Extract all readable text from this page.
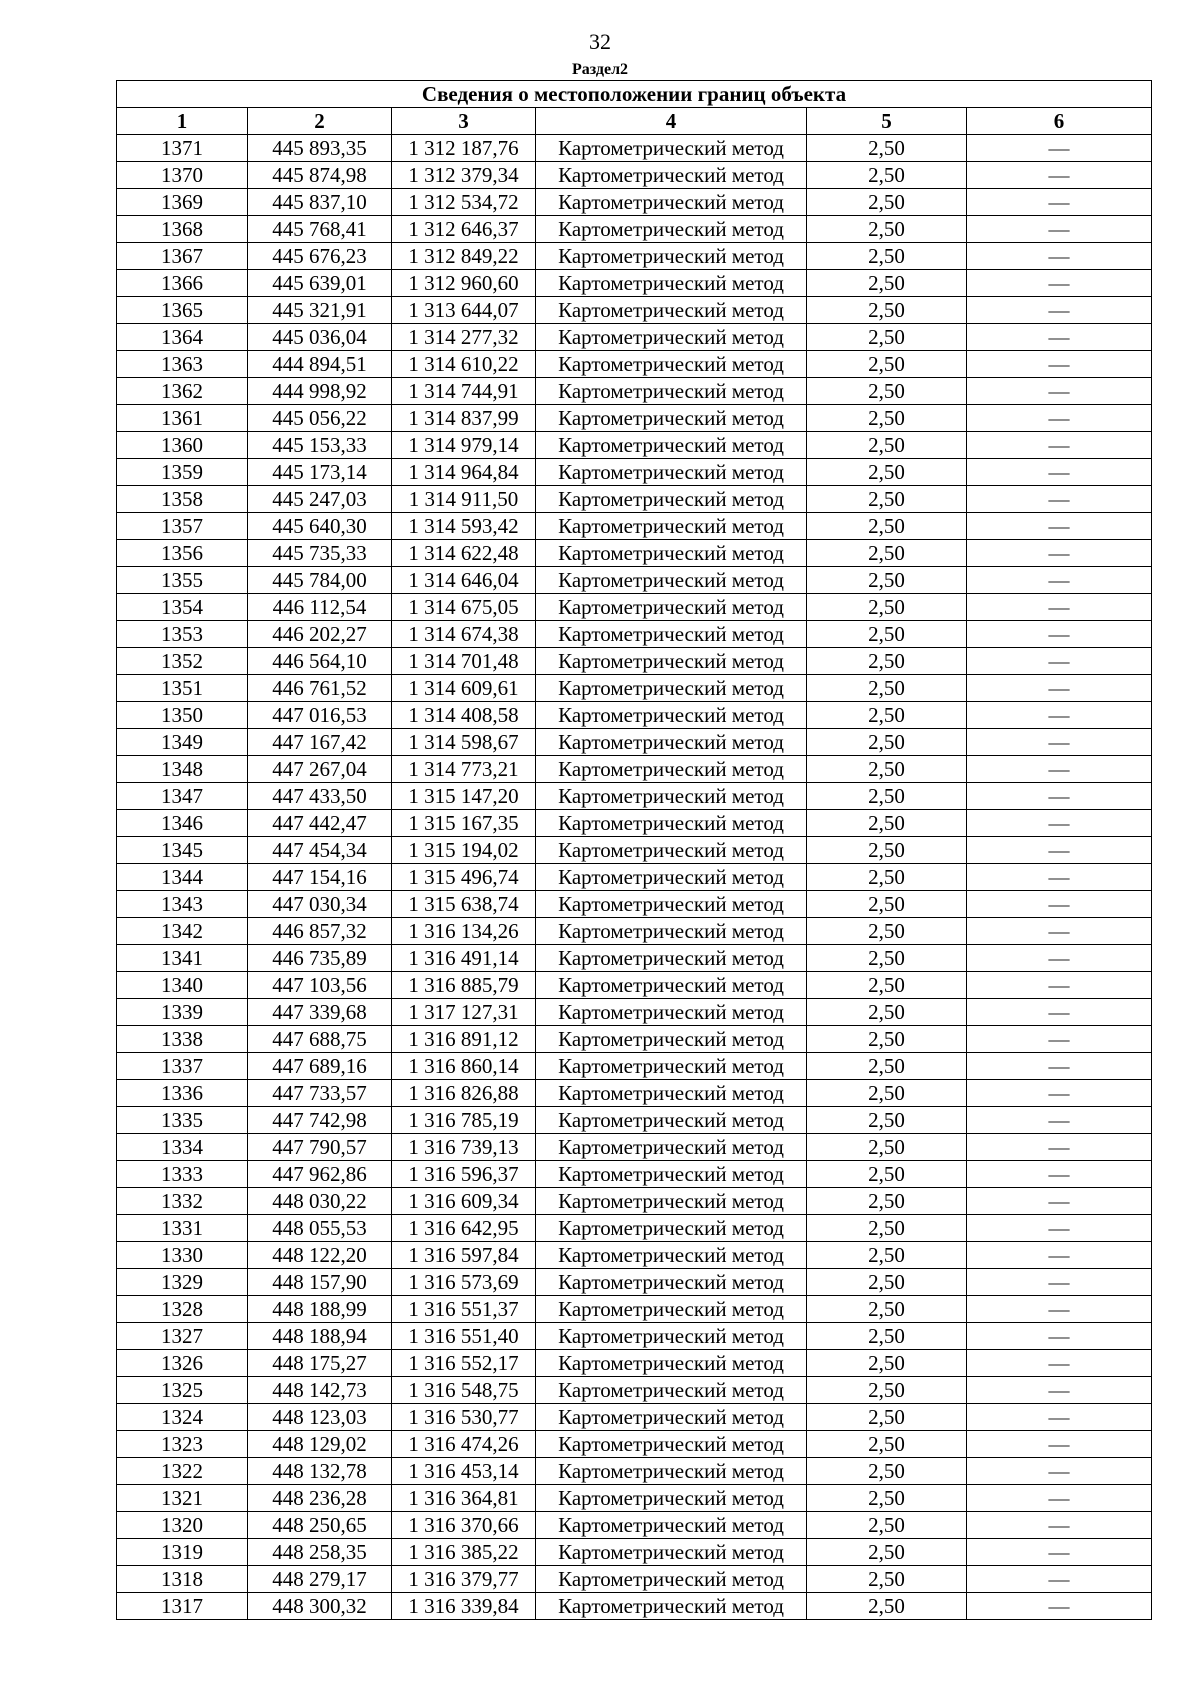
32
Раздел2
Сведения о местоположении границ объекта					
1	2	3	4	5	6
1371	445 893,35	1 312 187,76	Картометрический метод	2,50	—
1370	445 874,98	1 312 379,34	Картометрический метод	2,50	—
1369	445 837,10	1 312 534,72	Картометрический метод	2,50	—
1368	445 768,41	1 312 646,37	Картометрический метод	2,50	—
1367	445 676,23	1 312 849,22	Картометрический метод	2,50	—
1366	445 639,01	1 312 960,60	Картометрический метод	2,50	—
1365	445 321,91	1 313 644,07	Картометрический метод	2,50	—
1364	445 036,04	1 314 277,32	Картометрический метод	2,50	—
1363	444 894,51	1 314 610,22	Картометрический метод	2,50	—
1362	444 998,92	1 314 744,91	Картометрический метод	2,50	—
1361	445 056,22	1 314 837,99	Картометрический метод	2,50	—
1360	445 153,33	1 314 979,14	Картометрический метод	2,50	—
1359	445 173,14	1 314 964,84	Картометрический метод	2,50	—
1358	445 247,03	1 314 911,50	Картометрический метод	2,50	—
1357	445 640,30	1 314 593,42	Картометрический метод	2,50	—
1356	445 735,33	1 314 622,48	Картометрический метод	2,50	—
1355	445 784,00	1 314 646,04	Картометрический метод	2,50	—
1354	446 112,54	1 314 675,05	Картометрический метод	2,50	—
1353	446 202,27	1 314 674,38	Картометрический метод	2,50	—
1352	446 564,10	1 314 701,48	Картометрический метод	2,50	—
1351	446 761,52	1 314 609,61	Картометрический метод	2,50	—
1350	447 016,53	1 314 408,58	Картометрический метод	2,50	—
1349	447 167,42	1 314 598,67	Картометрический метод	2,50	—
1348	447 267,04	1 314 773,21	Картометрический метод	2,50	—
1347	447 433,50	1 315 147,20	Картометрический метод	2,50	—
1346	447 442,47	1 315 167,35	Картометрический метод	2,50	—
1345	447 454,34	1 315 194,02	Картометрический метод	2,50	—
1344	447 154,16	1 315 496,74	Картометрический метод	2,50	—
1343	447 030,34	1 315 638,74	Картометрический метод	2,50	—
1342	446 857,32	1 316 134,26	Картометрический метод	2,50	—
1341	446 735,89	1 316 491,14	Картометрический метод	2,50	—
1340	447 103,56	1 316 885,79	Картометрический метод	2,50	—
1339	447 339,68	1 317 127,31	Картометрический метод	2,50	—
1338	447 688,75	1 316 891,12	Картометрический метод	2,50	—
1337	447 689,16	1 316 860,14	Картометрический метод	2,50	—
1336	447 733,57	1 316 826,88	Картометрический метод	2,50	—
1335	447 742,98	1 316 785,19	Картометрический метод	2,50	—
1334	447 790,57	1 316 739,13	Картометрический метод	2,50	—
1333	447 962,86	1 316 596,37	Картометрический метод	2,50	—
1332	448 030,22	1 316 609,34	Картометрический метод	2,50	—
1331	448 055,53	1 316 642,95	Картометрический метод	2,50	—
1330	448 122,20	1 316 597,84	Картометрический метод	2,50	—
1329	448 157,90	1 316 573,69	Картометрический метод	2,50	—
1328	448 188,99	1 316 551,37	Картометрический метод	2,50	—
1327	448 188,94	1 316 551,40	Картометрический метод	2,50	—
1326	448 175,27	1 316 552,17	Картометрический метод	2,50	—
1325	448 142,73	1 316 548,75	Картометрический метод	2,50	—
1324	448 123,03	1 316 530,77	Картометрический метод	2,50	—
1323	448 129,02	1 316 474,26	Картометрический метод	2,50	—
1322	448 132,78	1 316 453,14	Картометрический метод	2,50	—
1321	448 236,28	1 316 364,81	Картометрический метод	2,50	—
1320	448 250,65	1 316 370,66	Картометрический метод	2,50	—
1319	448 258,35	1 316 385,22	Картометрический метод	2,50	—
1318	448 279,17	1 316 379,77	Картометрический метод	2,50	—
1317	448 300,32	1 316 339,84	Картометрический метод	2,50	—
